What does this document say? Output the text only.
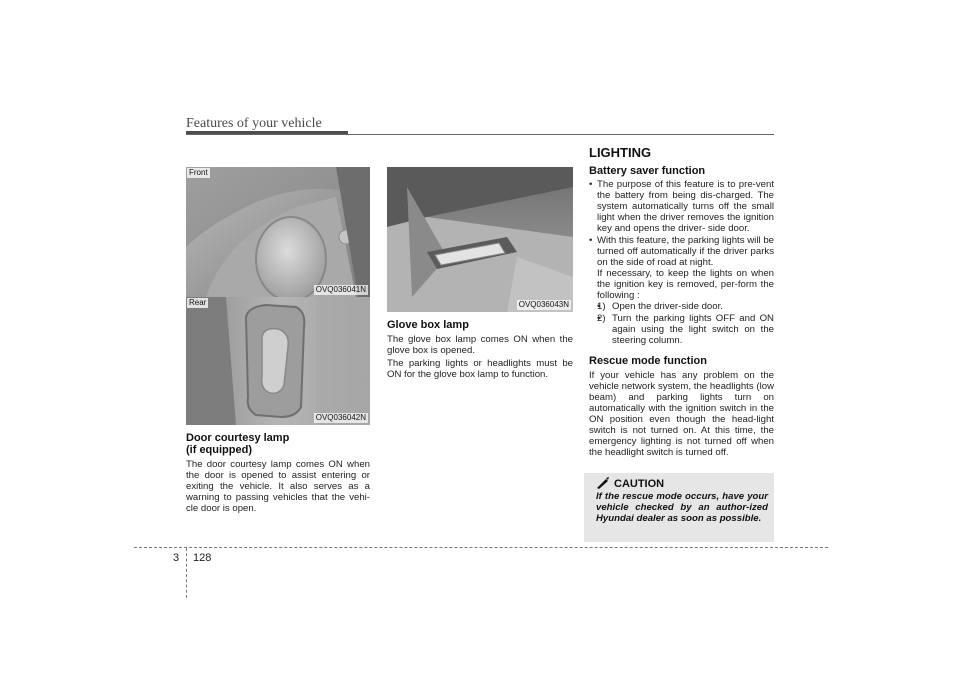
Features of your vehicle
Front
OVQ036041N
Rear
OVQ036042N

Door courtesy lamp

(if equipped)

The door courtesy lamp comes ON when the door is opened to assist entering or exiting the vehicle. It also serves as a warning to passing vehicles that the vehi-cle door is open.

OVQ036043N

Glove box lamp

The glove box lamp comes ON when the glove box is opened.

The parking lights or headlights must be ON for the glove box lamp to function.

LIGHTING

Battery saver function

• The purpose of this feature is to pre-vent the battery from being dis-charged. The system automatically turns off the small light when the driver removes the ignition key and opens the driver- side door.
• With this feature, the parking lights will be turned off automatically if the driver parks on the side of road at night.

If necessary, to keep the lights on when the ignition key is removed, per-form the following :

• 1) Open the driver-side door.
• 2) Turn the parking lights OFF and ON again using the light switch on the steering column.

Rescue mode function

If your vehicle has any problem on the vehicle network system, the headlights (low beam) and parking lights turn on automatically with the ignition switch in the ON position even though the head-light switch is not turned on. At this time, the emergency lighting is not turned off when the headlight switch is turned off.

CAUTION
If the rescue mode occurs, have your vehicle checked by an author-ized Hyundai dealer as soon as possible.
3 128
